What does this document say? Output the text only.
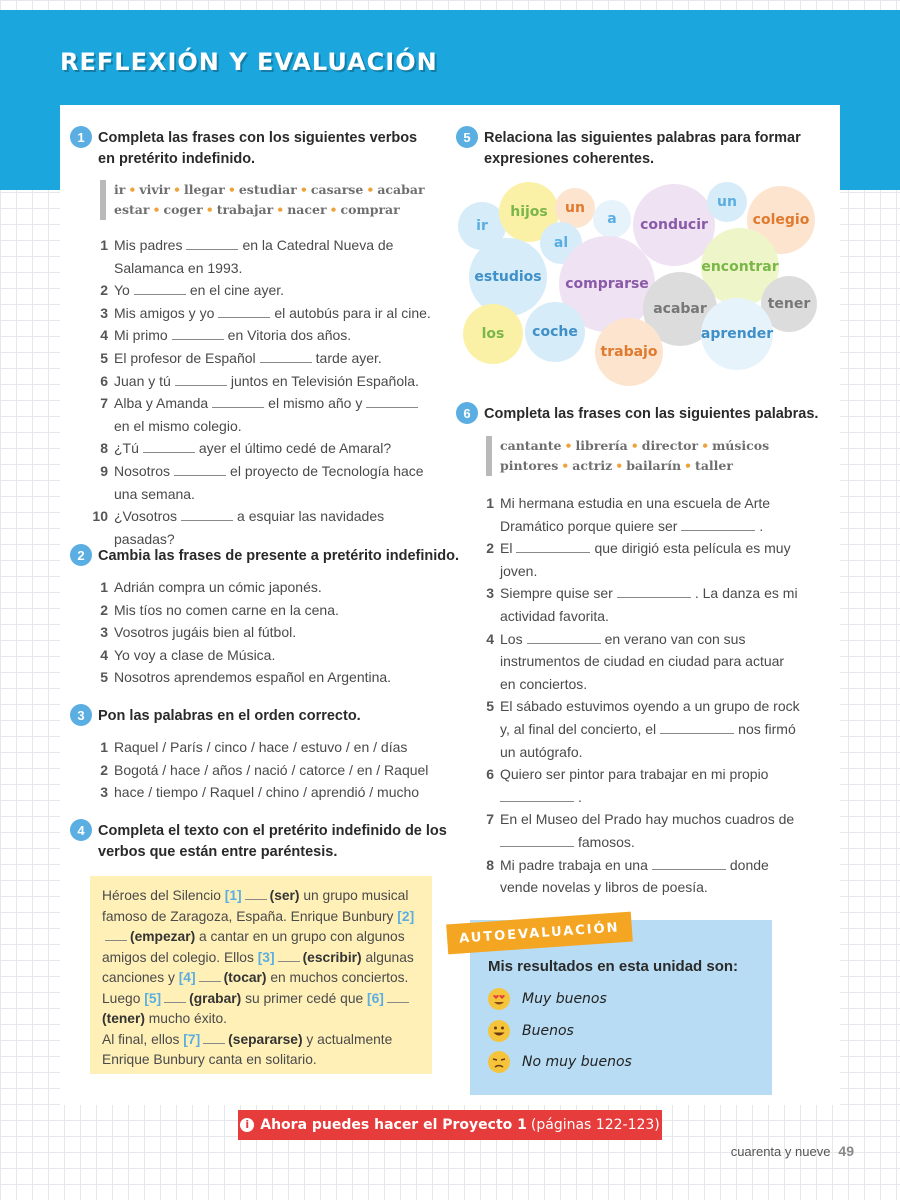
REFLEXIÓN Y EVALUACIÓN
1 Completa las frases con los siguientes verbos
en pretérito indefinido.
ir • vivir • llegar • estudiar • casarse • acabar
estar • coger • trabajar • nacer • comprar
1 Mis padres	en la Catedral Nueva de
Salamanca en 1993.
2 Yo	en el cine ayer.
3 Mis amigos y yo	el autobús para ir al cine.
4 Mi primo	en Vitoria dos años.
5 El profesor de Español	tarde ayer.
6 Juan y tú	juntos en Televisión Española.
7 Alba y Amanda	el mismo año y
en el mismo colegio.
8 ¿Tú	ayer el último cedé de Amaral?
9 Nosotros	el proyecto de Tecnología hace
una semana.
10 ¿Vosotros	a esquiar las navidades pasadas?
2 Cambia las frases de presente a pretérito indefinido.
1 Adrián compra un cómic japonés.
2 Mis tíos no comen carne en la cena.
3 Vosotros jugáis bien al fútbol.
4 Yo voy a clase de Música.
5 Nosotros aprendemos español en Argentina.
3 Pon las palabras en el orden correcto.
1 Raquel / París / cinco / hace / estuvo / en / días
2 Bogotá / hace / años / nació / catorce / en / Raquel
3 hace / tiempo / Raquel / chino / aprendió / mucho
4 Completa el texto con el pretérito indefinido de los
verbos que están entre paréntesis.
Héroes del Silencio [1] (ser) un grupo musical famoso de Zaragoza, España. Enrique Bunbury [2](empezar) a cantar en un grupo con algunos amigos del colegio. Ellos [3] (escribir) algunas canciones y [4] (tocar) en muchos conciertos. Luego [5] (grabar) su primer cedé que [6](tener) mucho éxito.
Al final, ellos [7] (separarse) y actualmente Enrique Bunbury canta en solitario.
5 Relaciona las siguientes palabras para formar
expresiones coherentes.
ir
hijos	un
a	conducir
un
colegio
al
estudios	comprarse
encontrar
acabar	tener
los	coche
trabajo
aprender
6 Completa las frases con las siguientes palabras.
cantante • librería • director • músicos
pintores • actriz • bailarín • taller
1 Mi hermana estudia en una escuela de Arte
Dramático porque quiere ser	.
2 El	que dirigió esta película es muy
joven.
3 Siempre quise ser	. La danza es mi
actividad favorita.
4 Los	en verano van con sus
instrumentos de ciudad en ciudad para actuar
en conciertos.
5 El sábado estuvimos oyendo a un grupo de rock
y, al final del concierto, el	nos firmó
un autógrafo.
6 Quiero ser pintor para trabajar en mi propio
.
7 En el Museo del Prado hay muchos cuadros de
famosos.
8 Mi padre trabaja en una	donde
vende novelas y libros de poesía.
AUTOEVALUACIÓN
Mis resultados en esta unidad son:
Muy buenos
Buenos
No muy buenos
i Ahora puedes hacer el Proyecto 1 (páginas 122-123)
cuarenta y nueve 49
